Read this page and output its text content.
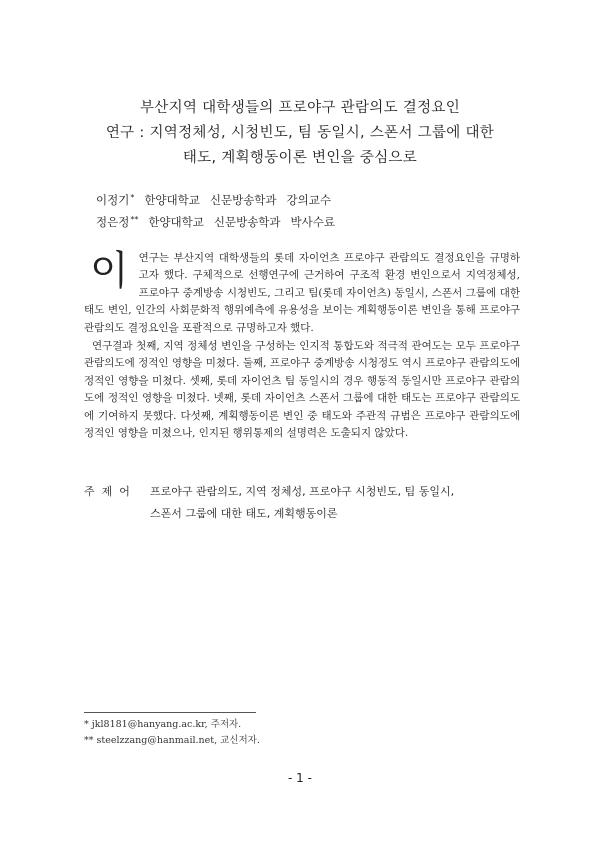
부산지역 대학생들의 프로야구 관람의도 결정요인
연구 : 지역정체성, 시청빈도, 팀 동일시, 스폰서 그룹에 대한
태도, 계획행동이론 변인을 중심으로
이정기* 한양대학교 신문방송학과 강의교수
정은정** 한양대학교 신문방송학과 박사수료
이 연구는 부산지역 대학생들의 롯데 자이언츠 프로야구 관람의도 결정요인을 규명하고자 했다. 구체적으로 선행연구에 근거하여 구조적 환경 변인으로서 지역정체성, 프로야구 중계방송 시청빈도, 그리고 팀(롯데 자이언츠) 동일시, 스폰서 그룹에 대한 태도 변인, 인간의 사회문화적 행위예측에 유용성을 보이는 계획행동이론 변인을 통해 프로야구 관람의도 결정요인을 포괄적으로 규명하고자 했다.

연구결과 첫째, 지역 정체성 변인을 구성하는 인지적 통합도와 적극적 관여도는 모두 프로야구 관람의도에 정적인 영향을 미쳤다. 둘째, 프로야구 중계방송 시청정도 역시 프로야구 관람의도에 정적인 영향을 미쳤다. 셋째, 롯데 자이언츠 팀 동일시의 경우 행동적 동일시만 프로야구 관람의도에 정적인 영향을 미쳤다. 넷째, 롯데 자이언츠 스폰서 그룹에 대한 태도는 프로야구 관람의도에 기여하지 못했다. 다섯째, 계획행동이론 변인 중 태도와 주관적 규범은 프로야구 관람의도에 정적인 영향을 미쳤으나, 인지된 행위통제의 설명력은 도출되지 않았다.

주제어 프로야구 관람의도, 지역 정체성, 프로야구 시청빈도, 팀 동일시,
스폰서 그룹에 대한 태도, 계획행동이론
* jkl8181@hanyang.ac.kr, 주저자.
** steelzzang@hanmail.net, 교신저자.
- 1 -
